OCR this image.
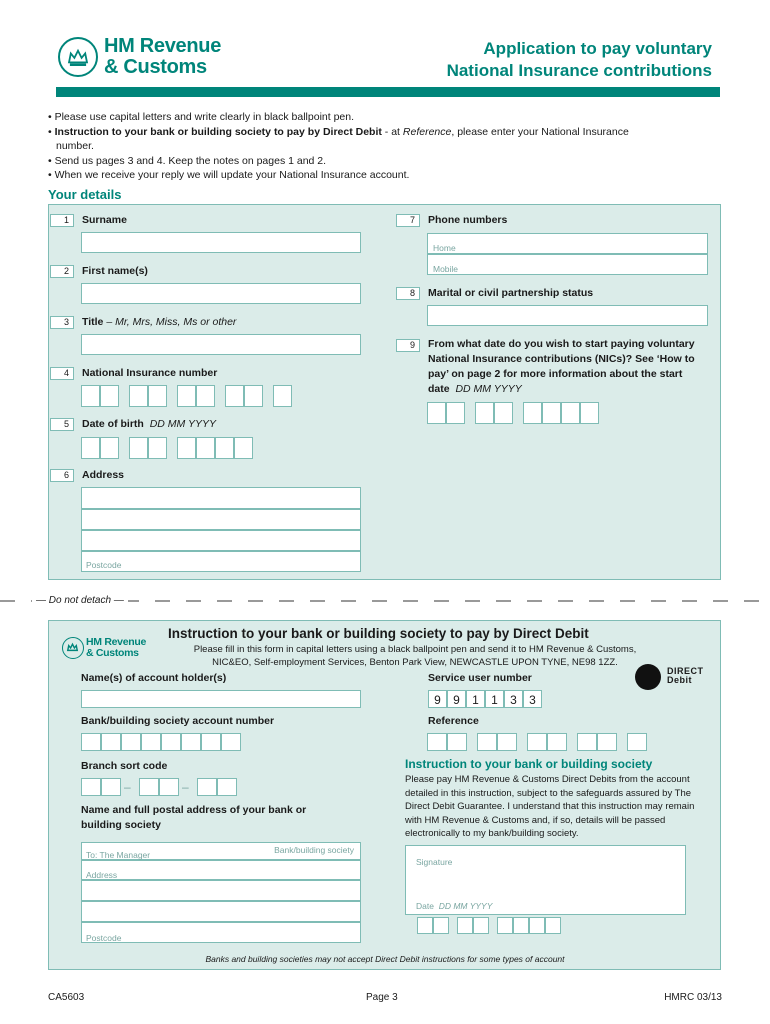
HM Revenue
& Customs
Application to pay voluntary
National Insurance contributions
• Please use capital letters and write clearly in black ballpoint pen.
• Instruction to your bank or building society to pay by Direct Debit - at Reference, please enter your National Insurance number.
• Send us pages 3 and 4. Keep the notes on pages 1 and 2.
• When we receive your reply we will update your National Insurance account.
Your details
1	Surname
2	First name(s)
3	Title – Mr, Mrs, Miss, Ms or other
4	National Insurance number
5	Date of birth DD MM YYYY
6	Address
Postcode
7	Phone numbers
Home
Mobile
8	Marital or civil partnership status
9	From what date do you wish to start paying voluntary National Insurance contributions (NICs)? See ‘How to pay’ on page 2 for more information about the start date DD MM YYYY
— Do not detach —
HM Revenue
& Customs
Instruction to your bank or building society to pay by Direct Debit
Please fill in this form in capital letters using a black ballpoint pen and send it to HM Revenue & Customs,
NIC&EO, Self-employment Services, Benton Park View, NEWCASTLE UPON TYNE, NE98 1ZZ.
DIRECT
Debit
Name(s) of account holder(s)
Bank/building society account number
Branch sort code
–	–
Name and full postal address of your bank or building society
To: The Manager	Bank/building society
Address
Postcode
Service user number
9	9	1	1	3	3
Reference
Instruction to your bank or building society
Please pay HM Revenue & Customs Direct Debits from the account detailed in this instruction, subject to the safeguards assured by The Direct Debit Guarantee. I understand that this instruction may remain with HM Revenue & Customs and, if so, details will be passed electronically to my bank/building society.
Signature
Date DD MM YYYY
Banks and building societies may not accept Direct Debit instructions for some types of account
CA5603	Page 3	HMRC 03/13
